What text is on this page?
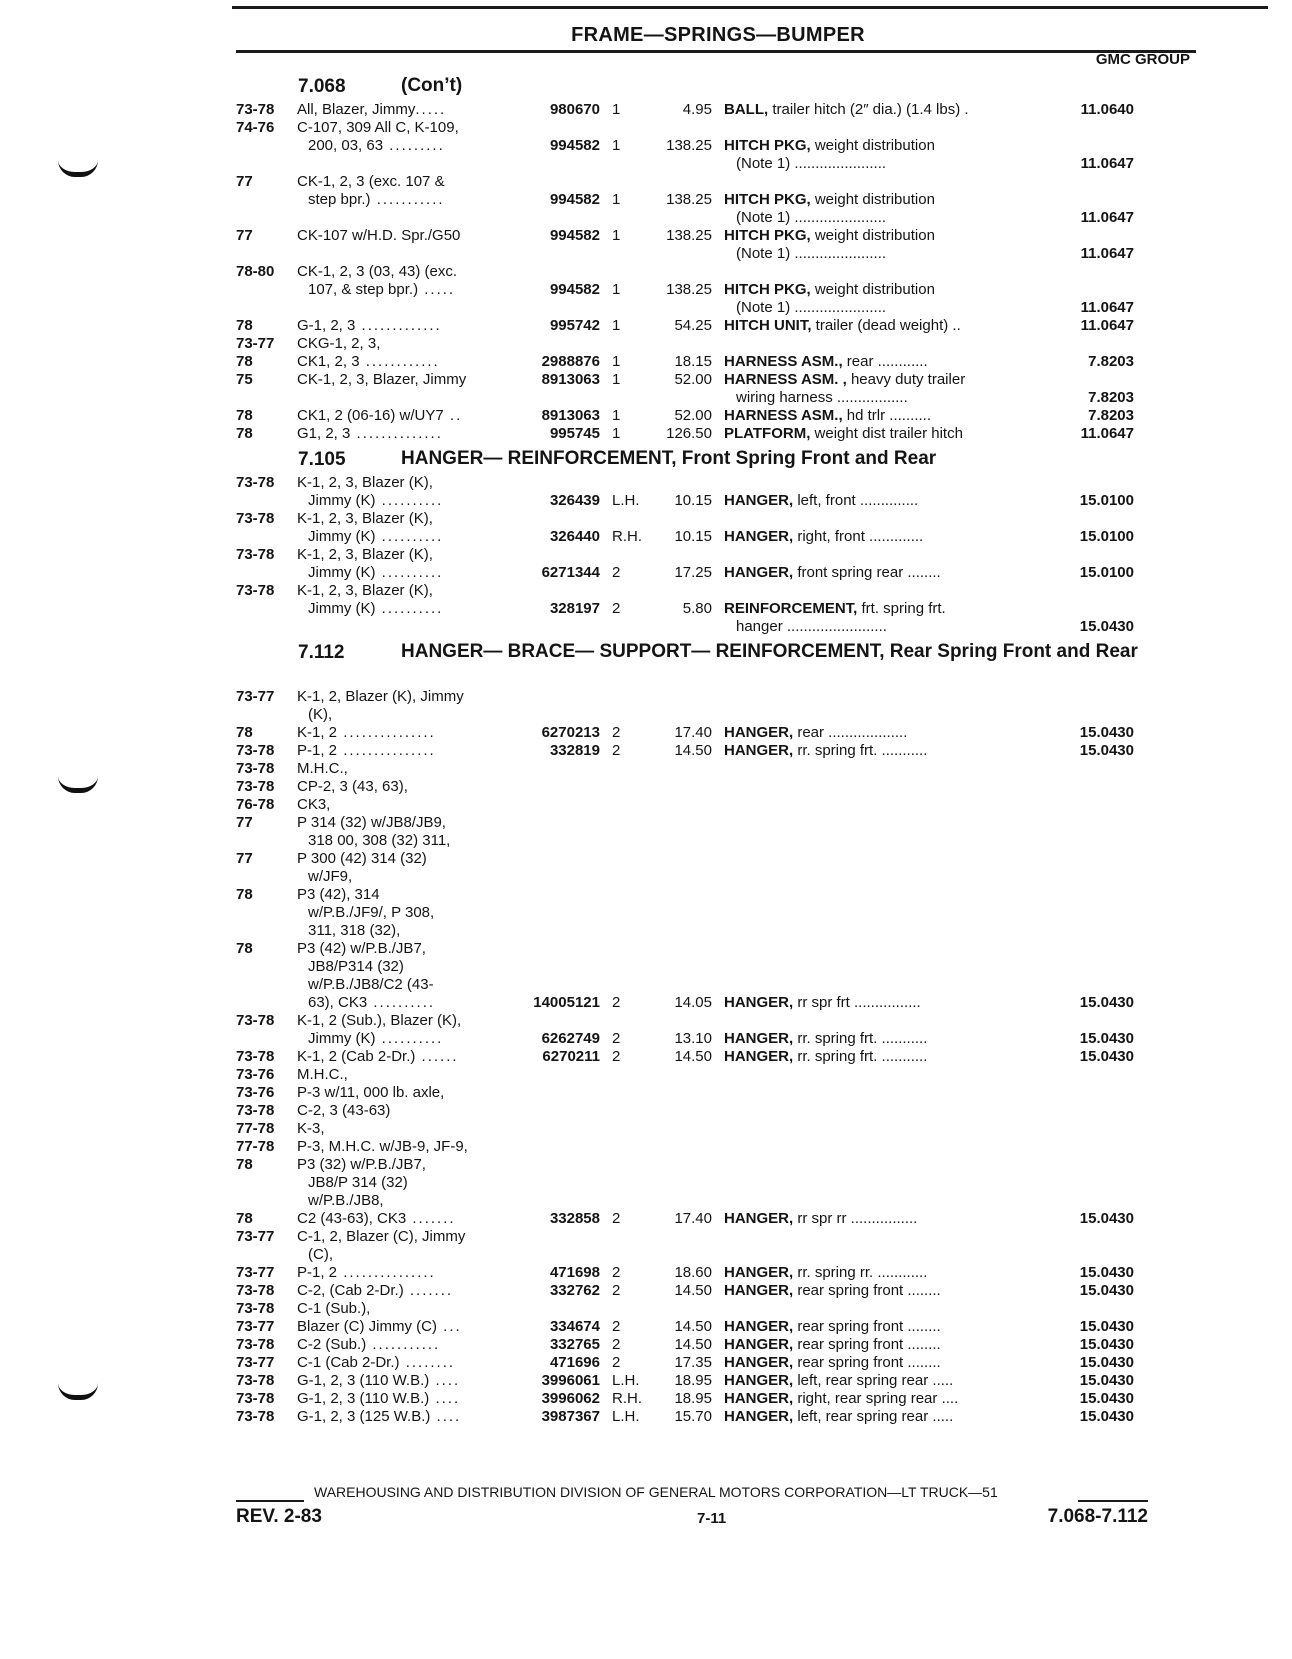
FRAME—SPRINGS—BUMPER
GMC GROUP
7.068	(Con’t)
73-78 All, Blazer, Jimmy.....	980670 1	4.95 BALL, trailer hitch (2″ dia.) (1.4 lbs) .	11.0640
74-76 C-107, 309 All C, K-109,
200, 03, 63 .........	994582 1	138.25 HITCH PKG, weight distribution
(Note 1) ......................	11.0647
77	CK-1, 2, 3 (exc. 107 &
step bpr.) ...........	994582 1	138.25 HITCH PKG, weight distribution
(Note 1) ......................	11.0647
77	CK-107 w/H.D. Spr./G50	994582 1	138.25 HITCH PKG, weight distribution
(Note 1) ......................	11.0647
78-80 CK-1, 2, 3 (03, 43) (exc.
107, & step bpr.) .....	994582 1	138.25 HITCH PKG, weight distribution
(Note 1) ......................	11.0647
78	G-1, 2, 3 .............	995742 1	54.25 HITCH UNIT, trailer (dead weight) ..	11.0647
73-77 CKG-1, 2, 3,
78	CK1, 2, 3 ............	2988876 1	18.15 HARNESS ASM., rear ............	7.8203
75	CK-1, 2, 3, Blazer, Jimmy	8913063 1	52.00 HARNESS ASM. , heavy duty trailer
wiring harness .................	7.8203
78	CK1, 2 (06-16) w/UY7 ..	8913063 1	52.00 HARNESS ASM., hd trlr ..........	7.8203
78	G1, 2, 3 ..............	995745 1	126.50 PLATFORM, weight dist trailer hitch	11.0647
7.105	HANGER— REINFORCEMENT, Front Spring Front and Rear
73-78 K-1, 2, 3, Blazer (K),
Jimmy (K) ..........	326439 L.H.	10.15 HANGER, left, front ..............	15.0100
73-78 K-1, 2, 3, Blazer (K),
Jimmy (K) ..........	326440 R.H.	10.15 HANGER, right, front .............	15.0100
73-78 K-1, 2, 3, Blazer (K),
Jimmy (K) ..........	6271344 2	17.25 HANGER, front spring rear ........	15.0100
73-78 K-1, 2, 3, Blazer (K),
Jimmy (K) ..........	328197 2	5.80 REINFORCEMENT, frt. spring frt.
hanger ........................	15.0430
7.112	HANGER— BRACE— SUPPORT— REINFORCEMENT, Rear Spring Front and Rear
73-77 K-1, 2, Blazer (K), Jimmy
(K),
78	K-1, 2 ...............	6270213 2	17.40 HANGER, rear ...................	15.0430
73-78 P-1, 2 ...............	332819 2	14.50 HANGER, rr. spring frt. ...........	15.0430
73-78 M.H.C.,
73-78 CP-2, 3 (43, 63),
76-78 CK3,
77	P 314 (32) w/JB8/JB9,
318 00, 308 (32) 311,
77	P 300 (42) 314 (32)
w/JF9,
78	P3 (42), 314
w/P.B./JF9/, P 308,
311, 318 (32),
78	P3 (42) w/P.B./JB7,
JB8/P314 (32)
w/P.B./JB8/C2 (43-
63), CK3 ..........	14005121 2	14.05 HANGER, rr spr frt ................	15.0430
73-78 K-1, 2 (Sub.), Blazer (K),
Jimmy (K) ..........	6262749 2	13.10 HANGER, rr. spring frt. ...........	15.0430
73-78 K-1, 2 (Cab 2-Dr.) ......	6270211 2	14.50 HANGER, rr. spring frt. ...........	15.0430
73-76 M.H.C.,
73-76 P-3 w/11, 000 lb. axle,
73-78 C-2, 3 (43-63)
77-78 K-3,
77-78 P-3, M.H.C. w/JB-9, JF-9,
78	P3 (32) w/P.B./JB7,
JB8/P 314 (32)
w/P.B./JB8,
78	C2 (43-63), CK3 .......	332858 2	17.40 HANGER, rr spr rr ................	15.0430
73-77 C-1, 2, Blazer (C), Jimmy
(C),
73-77 P-1, 2 ...............	471698 2	18.60 HANGER, rr. spring rr. ............	15.0430
73-78 C-2, (Cab 2-Dr.) .......	332762 2	14.50 HANGER, rear spring front ........	15.0430
73-78 C-1 (Sub.),
73-77 Blazer (C) Jimmy (C) ...	334674 2	14.50 HANGER, rear spring front ........	15.0430
73-78 C-2 (Sub.) ...........	332765 2	14.50 HANGER, rear spring front ........	15.0430
73-77 C-1 (Cab 2-Dr.) ........	471696 2	17.35 HANGER, rear spring front ........	15.0430
73-78 G-1, 2, 3 (110 W.B.) ....	3996061 L.H.	18.95 HANGER, left, rear spring rear .....	15.0430
73-78 G-1, 2, 3 (110 W.B.) ....	3996062 R.H.	18.95 HANGER, right, rear spring rear ....	15.0430
73-78 G-1, 2, 3 (125 W.B.) ....	3987367 L.H.	15.70 HANGER, left, rear spring rear .....	15.0430
WAREHOUSING AND DISTRIBUTION DIVISION OF GENERAL MOTORS CORPORATION—LT TRUCK—51
REV. 2-83	7-11	7.068-7.112
